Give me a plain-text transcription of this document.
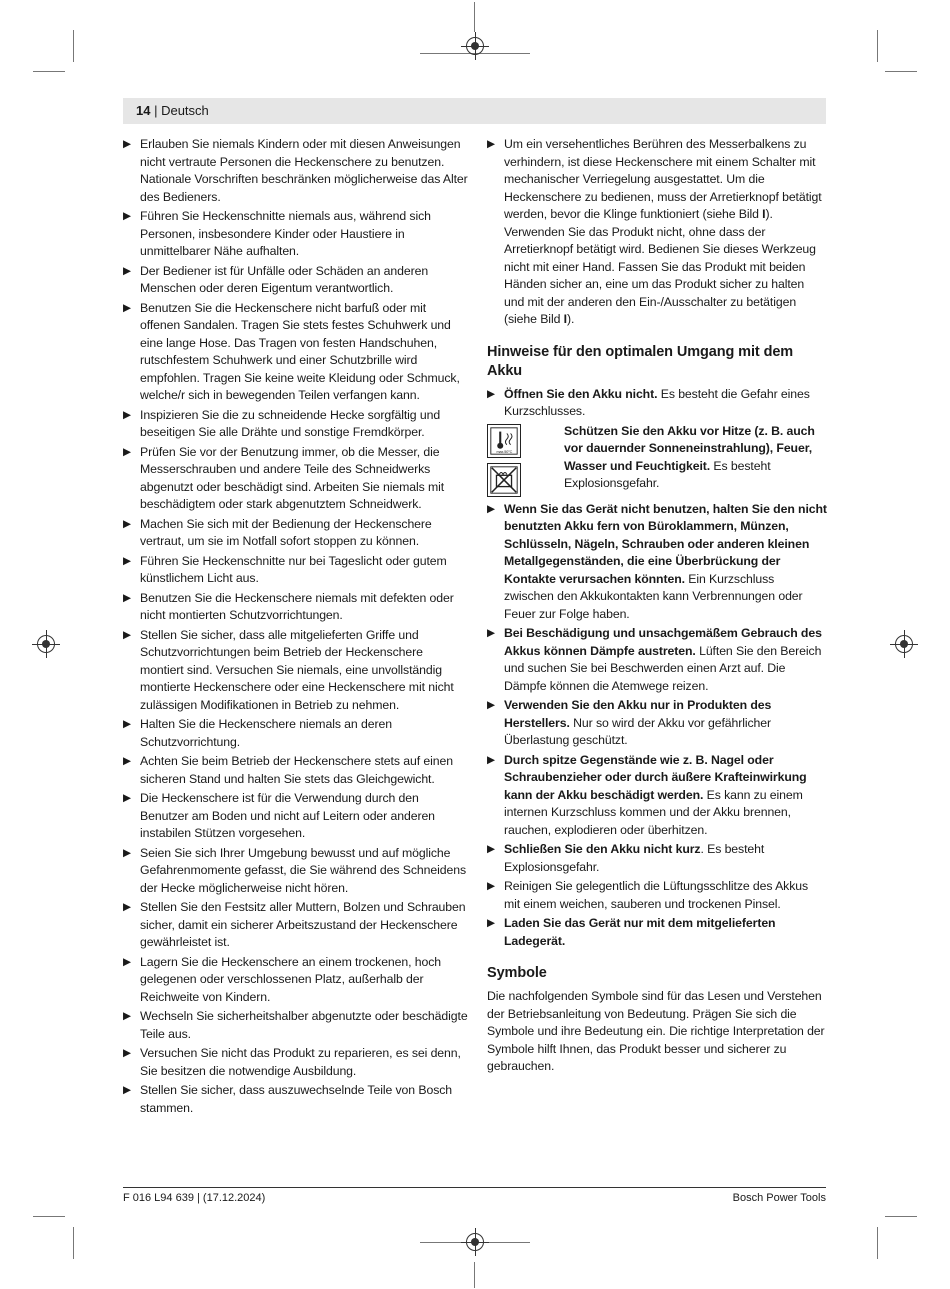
14 | Deutsch
▶ Erlauben Sie niemals Kindern oder mit diesen Anweisungen nicht vertraute Personen die Heckenschere zu benutzen. Nationale Vorschriften beschränken möglicherweise das Alter des Bedieners.
▶ Führen Sie Heckenschnitte niemals aus, während sich Personen, insbesondere Kinder oder Haustiere in unmittelbarer Nähe aufhalten.
▶ Der Bediener ist für Unfälle oder Schäden an anderen Menschen oder deren Eigentum verantwortlich.
▶ Benutzen Sie die Heckenschere nicht barfuß oder mit offenen Sandalen. Tragen Sie stets festes Schuhwerk und eine lange Hose. Das Tragen von festen Handschuhen, rutschfestem Schuhwerk und einer Schutzbrille wird empfohlen. Tragen Sie keine weite Kleidung oder Schmuck, welche/r sich in bewegenden Teilen verfangen kann.
▶ Inspizieren Sie die zu schneidende Hecke sorgfältig und beseitigen Sie alle Drähte und sonstige Fremdkörper.
▶ Prüfen Sie vor der Benutzung immer, ob die Messer, die Messerschrauben und andere Teile des Schneidwerks abgenutzt oder beschädigt sind. Arbeiten Sie niemals mit beschädigtem oder stark abgenutztem Schneidwerk.
▶ Machen Sie sich mit der Bedienung der Heckenschere vertraut, um sie im Notfall sofort stoppen zu können.
▶ Führen Sie Heckenschnitte nur bei Tageslicht oder gutem künstlichem Licht aus.
▶ Benutzen Sie die Heckenschere niemals mit defekten oder nicht montierten Schutzvorrichtungen.
▶ Stellen Sie sicher, dass alle mitgelieferten Griffe und Schutzvorrichtungen beim Betrieb der Heckenschere montiert sind. Versuchen Sie niemals, eine unvollständig montierte Heckenschere oder eine Heckenschere mit nicht zulässigen Modifikationen in Betrieb zu nehmen.
▶ Halten Sie die Heckenschere niemals an deren Schutzvorrichtung.
▶ Achten Sie beim Betrieb der Heckenschere stets auf einen sicheren Stand und halten Sie stets das Gleichgewicht.
▶ Die Heckenschere ist für die Verwendung durch den Benutzer am Boden und nicht auf Leitern oder anderen instabilen Stützen vorgesehen.
▶ Seien Sie sich Ihrer Umgebung bewusst und auf mögliche Gefahrenmomente gefasst, die Sie während des Schneidens der Hecke möglicherweise nicht hören.
▶ Stellen Sie den Festsitz aller Muttern, Bolzen und Schrauben sicher, damit ein sicherer Arbeitszustand der Heckenschere gewährleistet ist.
▶ Lagern Sie die Heckenschere an einem trockenen, hoch gelegenen oder verschlossenen Platz, außerhalb der Reichweite von Kindern.
▶ Wechseln Sie sicherheitshalber abgenutzte oder beschädigte Teile aus.
▶ Versuchen Sie nicht das Produkt zu reparieren, es sei denn, Sie besitzen die notwendige Ausbildung.
▶ Stellen Sie sicher, dass auszuwechselnde Teile von Bosch stammen.
▶ Um ein versehentliches Berühren des Messerbalkens zu verhindern, ist diese Heckenschere mit einem Schalter mit mechanischer Verriegelung ausgestattet. Um die Heckenschere zu bedienen, muss der Arretierknopf betätigt werden, bevor die Klinge funktioniert (siehe Bild I). Verwenden Sie das Produkt nicht, ohne dass der Arretierknopf betätigt wird. Bedienen Sie dieses Werkzeug nicht mit einer Hand. Fassen Sie das Produkt mit beiden Händen sicher an, eine um das Produkt sicher zu halten und mit der anderen den Ein-/Ausschalter zu betätigen (siehe Bild I).
Hinweise für den optimalen Umgang mit dem Akku
▶ Öffnen Sie den Akku nicht. Es besteht die Gefahr eines Kurzschlusses.
max.50°C
Schützen Sie den Akku vor Hitze (z. B. auch vor dauernder Sonneneinstrahlung), Feuer, Wasser und Feuchtigkeit. Es besteht Explosionsgefahr.
▶ Wenn Sie das Gerät nicht benutzen, halten Sie den nicht benutzten Akku fern von Büroklammern, Münzen, Schlüsseln, Nägeln, Schrauben oder anderen kleinen Metallgegenständen, die eine Überbrückung der Kontakte verursachen könnten. Ein Kurzschluss zwischen den Akkukontakten kann Verbrennungen oder Feuer zur Folge haben.
▶ Bei Beschädigung und unsachgemäßem Gebrauch des Akkus können Dämpfe austreten. Lüften Sie den Bereich und suchen Sie bei Beschwerden einen Arzt auf. Die Dämpfe können die Atemwege reizen.
▶ Verwenden Sie den Akku nur in Produkten des Herstellers. Nur so wird der Akku vor gefährlicher Überlastung geschützt.
▶ Durch spitze Gegenstände wie z. B. Nagel oder Schraubenzieher oder durch äußere Krafteinwirkung kann der Akku beschädigt werden. Es kann zu einem internen Kurzschluss kommen und der Akku brennen, rauchen, explodieren oder überhitzen.
▶ Schließen Sie den Akku nicht kurz. Es besteht Explosionsgefahr.
▶ Reinigen Sie gelegentlich die Lüftungsschlitze des Akkus mit einem weichen, sauberen und trockenen Pinsel.
▶ Laden Sie das Gerät nur mit dem mitgelieferten Ladegerät.
Symbole

Die nachfolgenden Symbole sind für das Lesen und Verstehen der Betriebsanleitung von Bedeutung. Prägen Sie sich die Symbole und ihre Bedeutung ein. Die richtige Interpretation der Symbole hilft Ihnen, das Produkt besser und sicherer zu gebrauchen.

F 016 L94 639 | (17.12.2024)	Bosch Power Tools
